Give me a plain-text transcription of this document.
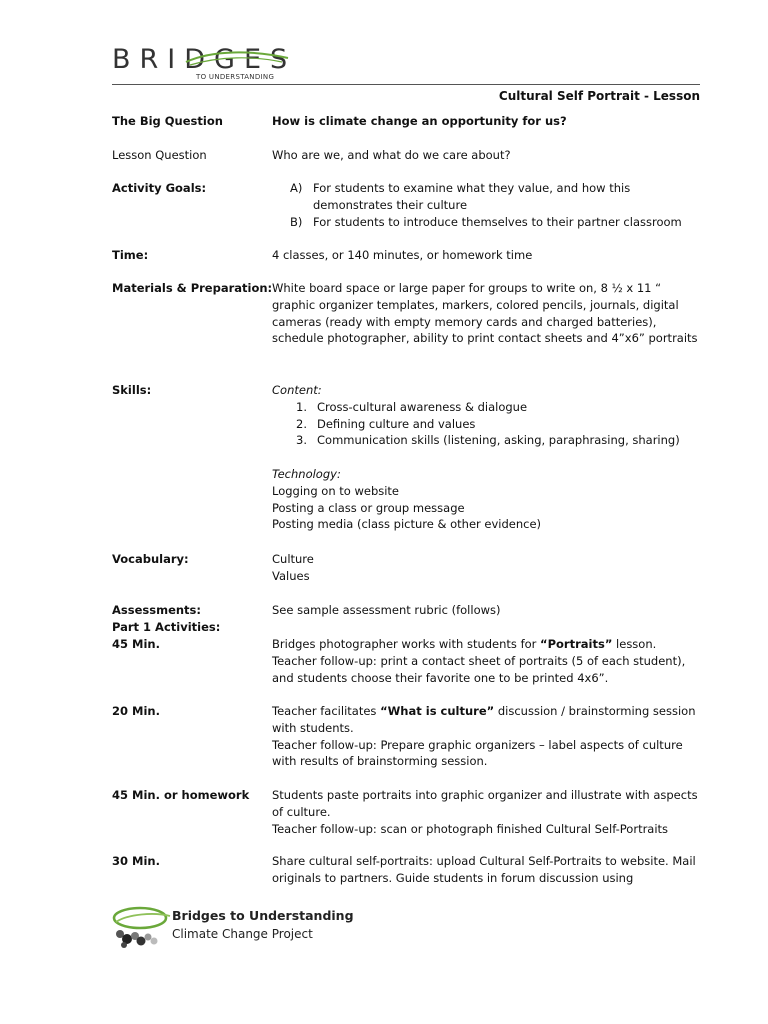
BRIDGES
TO UNDERSTANDING
Cultural Self Portrait - Lesson
The Big Question	How is climate change an opportunity for us?
Lesson Question	Who are we, and what do we care about?
Activity Goals:	A) For students to examine what they value, and how this demonstrates their culture
B) For students to introduce themselves to their partner classroom
Time:	4 classes, or 140 minutes, or homework time
Materials & Preparation: White board space or large paper for groups to write on, 8 ½ x 11 “ graphic organizer templates, markers, colored pencils, journals, digital cameras (ready with empty memory cards and charged batteries), schedule photographer, ability to print contact sheets and 4”x6” portraits
Skills:	Content:
1. Cross-cultural awareness & dialogue
2. Defining culture and values
3. Communication skills (listening, asking, paraphrasing, sharing)
Technology:
Logging on to website
Posting a class or group message
Posting media (class picture & other evidence)
Vocabulary:	Culture
Values
Assessments:	See sample assessment rubric (follows)
Part 1 Activities:
45 Min.	Bridges photographer works with students for “Portraits” lesson.
Teacher follow-up: print a contact sheet of portraits (5 of each student), and students choose their favorite one to be printed 4x6”.
20 Min.	Teacher facilitates “What is culture” discussion / brainstorming session with students.
Teacher follow-up: Prepare graphic organizers – label aspects of culture with results of brainstorming session.
45 Min. or homework	Students paste portraits into graphic organizer and illustrate with aspects of culture.
Teacher follow-up: scan or photograph finished Cultural Self-Portraits
30 Min.	Share cultural self-portraits: upload Cultural Self-Portraits to website. Mail originals to partners. Guide students in forum discussion using
Bridges to Understanding
Climate Change Project
